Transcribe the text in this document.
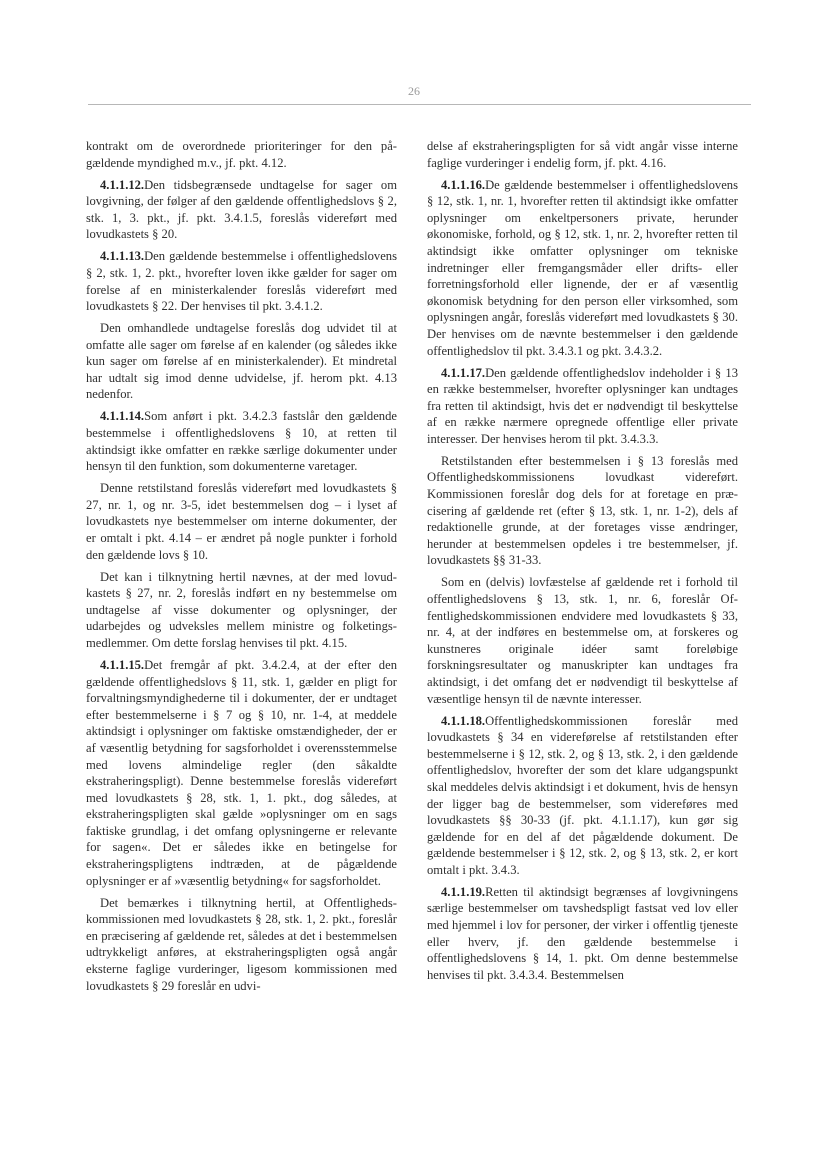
26

kontrakt om de overordnede prioriteringer for den pågældende myndighed m.v., jf. pkt. 4.12.

4.1.1.12.Den tidsbegrænsede undtagelse for sager om lovgivning, der følger af den gældende offentlighedslovs § 2, stk. 1, 3. pkt., jf. pkt. 3.4.1.5, foreslås videreført med lovudkastets § 20.

4.1.1.13.Den gældende bestemmelse i offentlighedslovens § 2, stk. 1, 2. pkt., hvorefter loven ikke gælder for sager om forelse af en ministerkalender foreslås videreført med lovudkastets § 22. Der henvises til pkt. 3.4.1.2.

Den omhandlede undtagelse foreslås dog udvidet til at omfatte alle sager om førelse af en kalender (og således ikke kun sager om førelse af en ministerkalender). Et mindretal har udtalt sig imod denne udvidelse, jf. herom pkt. 4.13 nedenfor.

4.1.1.14.Som anført i pkt. 3.4.2.3 fastslår den gældende bestemmelse i offentlighedslovens § 10, at retten til aktindsigt ikke omfatter en række særlige dokumenter under hensyn til den funktion, som dokumenterne varetager.

Denne retstilstand foreslås videreført med lovudkastets § 27, nr. 1, og nr. 3-5, idet bestemmelsen dog – i lyset af lovudkastets nye bestemmelser om interne dokumenter, der er omtalt i pkt. 4.14 – er ændret på nogle punkter i forhold den gældende lovs § 10.

Det kan i tilknytning hertil nævnes, at der med lovudkastets § 27, nr. 2, foreslås indført en ny bestemmelse om undtagelse af visse dokumenter og oplysninger, der udarbejdes og udveksles mellem ministre og folketingsmedlemmer. Om dette forslag henvises til pkt. 4.15.

4.1.1.15.Det fremgår af pkt. 3.4.2.4, at der efter den gældende offentlighedslovs § 11, stk. 1, gælder en pligt for forvaltningsmyndighederne til i dokumenter, der er undtaget efter bestemmelserne i § 7 og § 10, nr. 1-4, at meddele aktindsigt i oplysninger om faktiske omstændigheder, der er af væsentlig betydning for sagsforholdet i overensstemmelse med lovens almindelige regler (den såkaldte ekstraheringspligt). Denne bestemmelse foreslås videreført med lovudkastets § 28, stk. 1, 1. pkt., dog således, at ekstraheringspligten skal gælde »oplysninger om en sags faktiske grundlag, i det omfang oplysningerne er relevante for sagen«. Det er således ikke en betingelse for ekstraheringspligtens indtræden, at de pågældende oplysninger er af »væsentlig betydning« for sagsforholdet.

Det bemærkes i tilknytning hertil, at Offentlighedskommissionen med lovudkastets § 28, stk. 1, 2. pkt., foreslår en præcisering af gældende ret, således at det i bestemmelsen udtrykkeligt anføres, at ekstraheringspligten også angår eksterne faglige vurderinger, ligesom kommissionen med lovudkastets § 29 foreslår en udvi-

delse af ekstraheringspligten for så vidt angår visse interne faglige vurderinger i endelig form, jf. pkt. 4.16.

4.1.1.16.De gældende bestemmelser i offentlighedslovens § 12, stk. 1, nr. 1, hvorefter retten til aktindsigt ikke omfatter oplysninger om enkeltpersoners private, herunder økonomiske, forhold, og § 12, stk. 1, nr. 2, hvorefter retten til aktindsigt ikke omfatter oplysninger om tekniske indretninger eller fremgangsmåder eller drifts- eller forretningsforhold eller lignende, der er af væsentlig økonomisk betydning for den person eller virksomhed, som oplysningen angår, foreslås videreført med lovudkastets § 30. Der henvises om de nævnte bestemmelser i den gældende offentlighedslov til pkt. 3.4.3.1 og pkt. 3.4.3.2.

4.1.1.17.Den gældende offentlighedslov indeholder i § 13 en række bestemmelser, hvorefter oplysninger kan undtages fra retten til aktindsigt, hvis det er nødvendigt til beskyttelse af en række nærmere opregnede offentlige eller private interesser. Der henvises herom til pkt. 3.4.3.3.

Retstilstanden efter bestemmelsen i § 13 foreslås med Offentlighedskommissionens lovudkast videreført. Kommissionen foreslår dog dels for at foretage en præcisering af gældende ret (efter § 13, stk. 1, nr. 1-2), dels af redaktionelle grunde, at der foretages visse ændringer, herunder at bestemmelsen opdeles i tre bestemmelser, jf. lovudkastets §§ 31-33.

Som en (delvis) lovfæstelse af gældende ret i forhold til offentlighedslovens § 13, stk. 1, nr. 6, foreslår Offentlighedskommissionen endvidere med lovudkastets § 33, nr. 4, at der indføres en bestemmelse om, at forskeres og kunstneres originale idéer samt foreløbige forskningsresultater og manuskripter kan undtages fra aktindsigt, i det omfang det er nødvendigt til beskyttelse af væsentlige hensyn til de nævnte interesser.

4.1.1.18.Offentlighedskommissionen foreslår med lovudkastets § 34 en videreførelse af retstilstanden efter bestemmelserne i § 12, stk. 2, og § 13, stk. 2, i den gældende offentlighedslov, hvorefter der som det klare udgangspunkt skal meddeles delvis aktindsigt i et dokument, hvis de hensyn der ligger bag de bestemmelser, som videreføres med lovudkastets §§ 30-33 (jf. pkt. 4.1.1.17), kun gør sig gældende for en del af det pågældende dokument. De gældende bestemmelser i § 12, stk. 2, og § 13, stk. 2, er kort omtalt i pkt. 3.4.3.

4.1.1.19.Retten til aktindsigt begrænses af lovgivningens særlige bestemmelser om tavshedspligt fastsat ved lov eller med hjemmel i lov for personer, der virker i offentlig tjeneste eller hverv, jf. den gældende bestemmelse i offentlighedslovens § 14, 1. pkt. Om denne bestemmelse henvises til pkt. 3.4.3.4. Bestemmelsen
